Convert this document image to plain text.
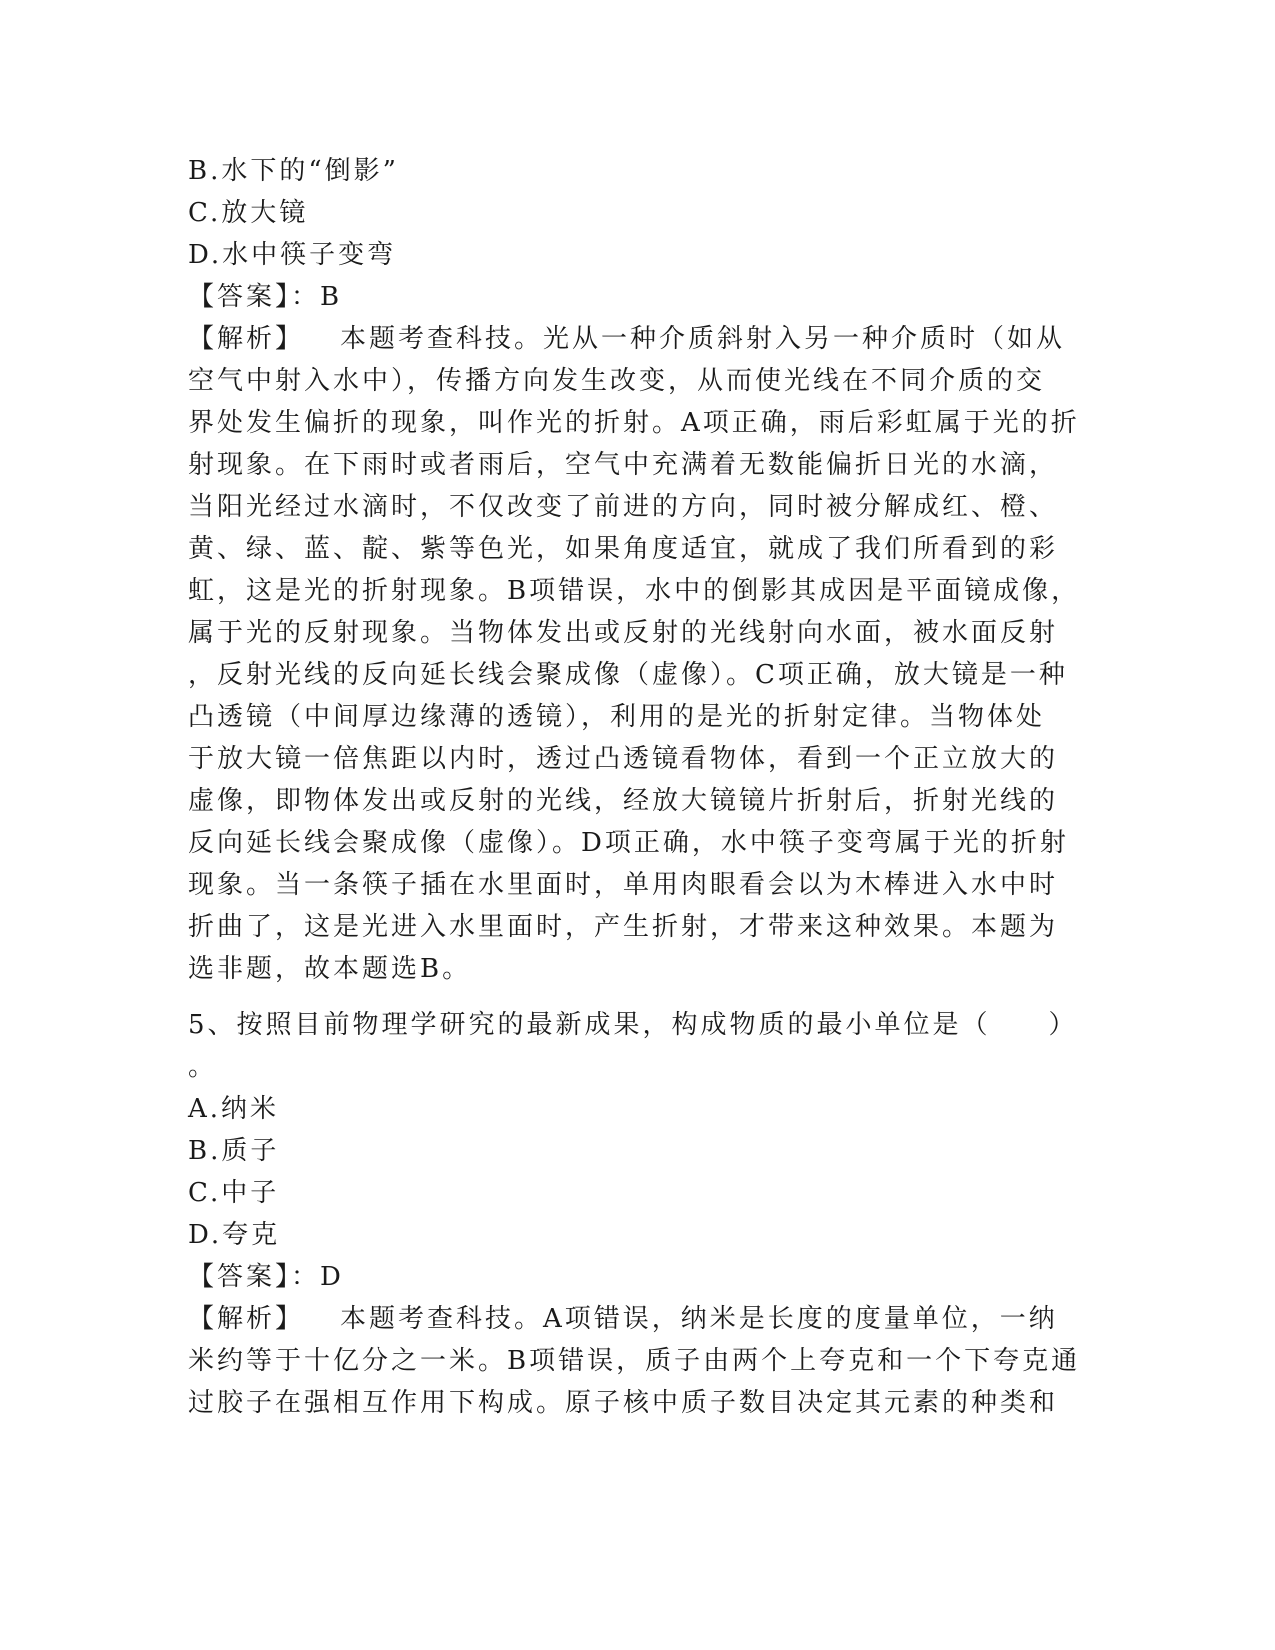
B.水下的“倒影”
C.放大镜
D.水中筷子变弯
【答案】：B
【解析】 本题考查科技。光从一种介质斜射入另一种介质时（如从
空气中射入水中），传播方向发生改变，从而使光线在不同介质的交
界处发生偏折的现象，叫作光的折射。A项正确，雨后彩虹属于光的折
射现象。在下雨时或者雨后，空气中充满着无数能偏折日光的水滴，
当阳光经过水滴时，不仅改变了前进的方向，同时被分解成红、橙、
黄、绿、蓝、靛、紫等色光，如果角度适宜，就成了我们所看到的彩
虹，这是光的折射现象。B项错误，水中的倒影其成因是平面镜成像，
属于光的反射现象。当物体发出或反射的光线射向水面，被水面反射
，反射光线的反向延长线会聚成像（虚像）。C项正确，放大镜是一种
凸透镜（中间厚边缘薄的透镜），利用的是光的折射定律。当物体处
于放大镜一倍焦距以内时，透过凸透镜看物体，看到一个正立放大的
虚像，即物体发出或反射的光线，经放大镜镜片折射后，折射光线的
反向延长线会聚成像（虚像）。D项正确，水中筷子变弯属于光的折射
现象。当一条筷子插在水里面时，单用肉眼看会以为木棒进入水中时
折曲了，这是光进入水里面时，产生折射，才带来这种效果。本题为
选非题，故本题选B。
5、按照目前物理学研究的最新成果，构成物质的最小单位是（　　）
。
A.纳米
B.质子
C.中子
D.夸克
【答案】：D
【解析】 本题考查科技。A项错误，纳米是长度的度量单位，一纳
米约等于十亿分之一米。B项错误，质子由两个上夸克和一个下夸克通
过胶子在强相互作用下构成。原子核中质子数目决定其元素的种类和
